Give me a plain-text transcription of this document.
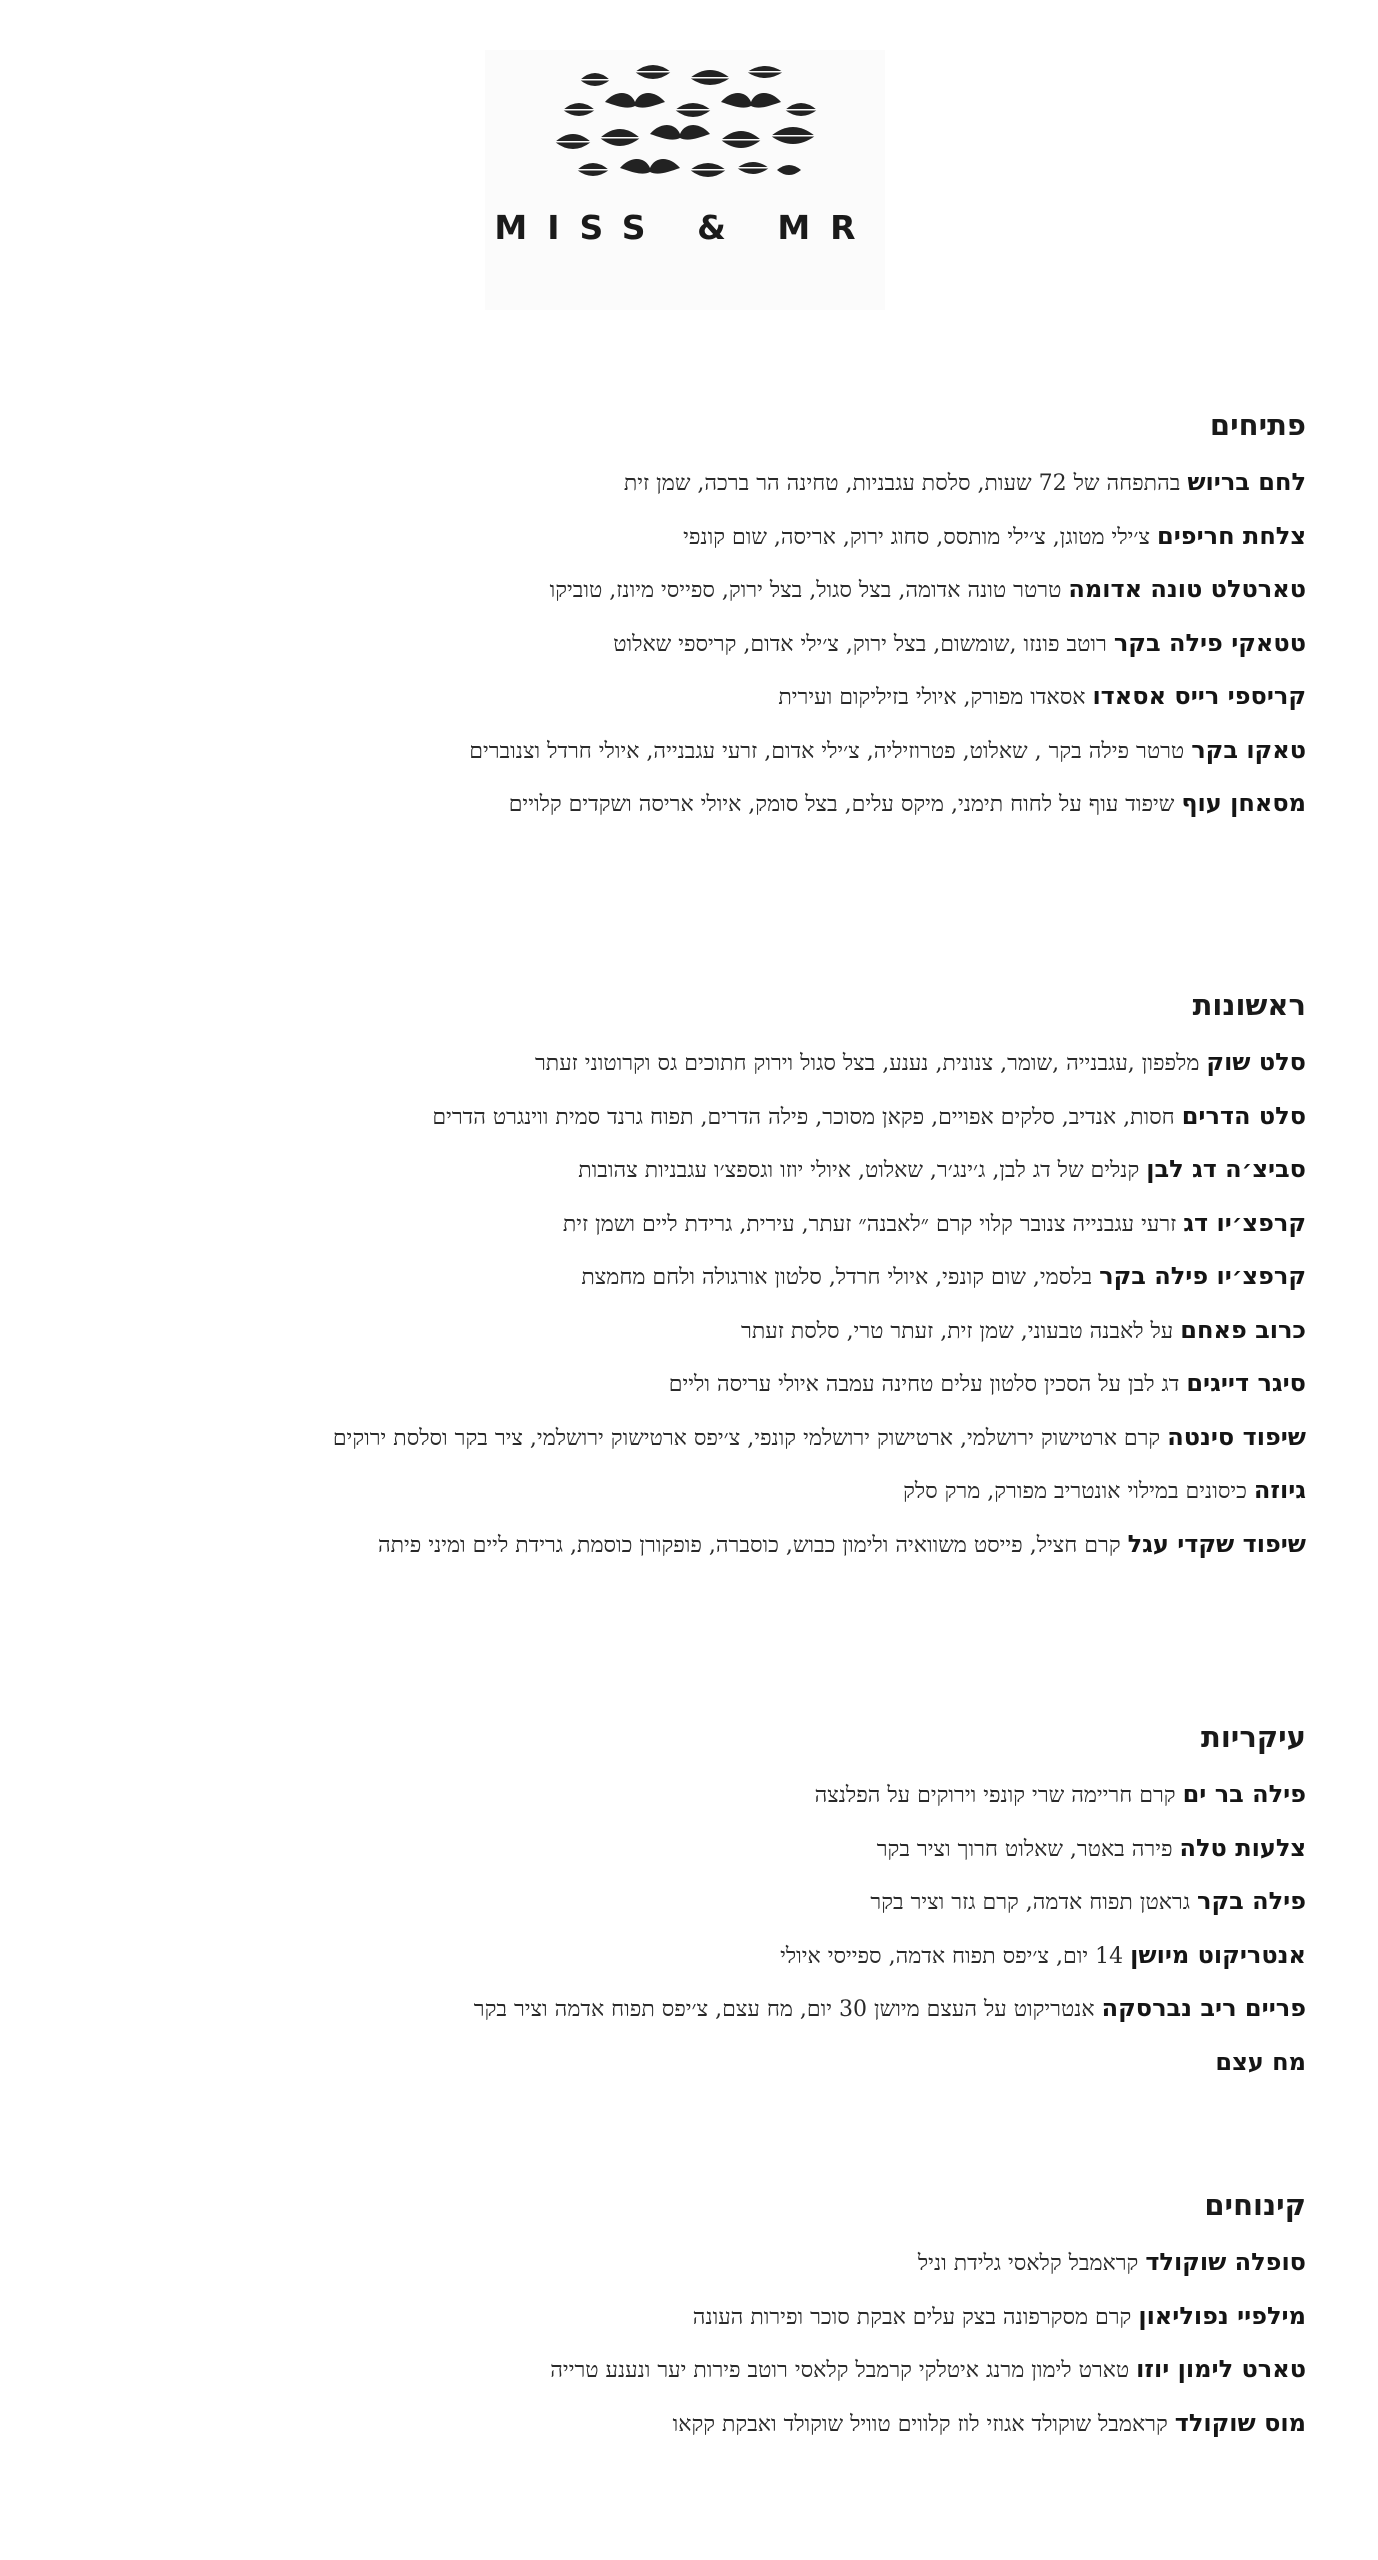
MISS & MR
פתיחים
לחם בריוש בהתפחה של 72 שעות, סלסת עגבניות, טחינה הר ברכה, שמן זית
צלחת חריפים צ׳ילי מטוגן, צ׳ילי מותסס, סחוג ירוק, אריסה, שום קונפי
טארטלט טונה אדומה טרטר טונה אדומה, בצל סגול, בצל ירוק, ספייסי מיונז, טוביקו
טטאקי פילה בקר רוטב פונזו ,שומשום, בצל ירוק, צ׳ילי אדום, קריספי שאלוט
קריספי רייס אסאדו אסאדו מפורק, איולי בזיליקום ועירית
טאקו בקר טרטר פילה בקר , שאלוט, פטרוזיליה, צ׳ילי אדום, זרעי עגבנייה, איולי חרדל וצנוברים
מסאחן עוף שיפוד עוף על לחוח תימני, מיקס עלים, בצל סומק, איולי אריסה ושקדים קלויים
ראשונות
סלט שוק מלפפון ,עגבנייה ,שומר, צנונית, נענע, בצל סגול וירוק חתוכים גס וקרוטוני זעתר
סלט הדרים חסות, אנדיב, סלקים אפויים, פקאן מסוכר, פילה הדרים, תפוח גרנד סמית ווינגרט הדרים
סביצ׳ה דג לבן קנלים של דג לבן, ג׳ינג׳ר, שאלוט, איולי יוזו וגספצ׳ו עגבניות צהובות
קרפצ׳יו דג זרעי עגבנייה צנובר קלוי קרם ״לאבנה״ זעתר, עירית, גרידת ליים ושמן זית
קרפצ׳יו פילה בקר בלסמי, שום קונפי, איולי חרדל, סלטון אורגולה ולחם מחמצת
כרוב פאחם על לאבנה טבעוני, שמן זית, זעתר טרי, סלסת זעתר
סיגר דייגים דג לבן על הסכין סלטון עלים טחינה עמבה איולי עריסה וליים
שיפוד סינטה קרם ארטישוק ירושלמי, ארטישוק ירושלמי קונפי, צ׳יפס ארטישוק ירושלמי, ציר בקר וסלסת ירוקים
גיוזה כיסונים במילוי אונטריב מפורק, מרק סלק
שיפוד שקדי עגל קרם חציל, פייסט משוואיה ולימון כבוש, כוסברה, פופקורן כוסמת, גרידת ליים ומיני פיתה
עיקריות
פילה בר ים קרם חריימה שרי קונפי וירוקים על הפלנצה
צלעות טלה פירה באטר, שאלוט חרוך וציר בקר
פילה בקר גראטן תפוח אדמה, קרם גזר וציר בקר
אנטריקוט מיושן 14 יום, צ׳יפס תפוח אדמה, ספייסי איולי
פריים ריב נברסקה אנטריקוט על העצם מיושן 30 יום, מח עצם, צ׳יפס תפוח אדמה וציר בקר
מח עצם
קינוחים
סופלה שוקולד קראמבל קלאסי גלידת וניל
מילפיי נפוליאון קרם מסקרפונה בצק עלים אבקת סוכר ופירות העונה
טארט לימון יוזו טארט לימון מרנג איטלקי קרמבל קלאסי רוטב פירות יער ונענע טרייה
מוס שוקולד קראמבל שוקולד אגוזי לוז קלווים טוויל שוקולד ואבקת קקאו
